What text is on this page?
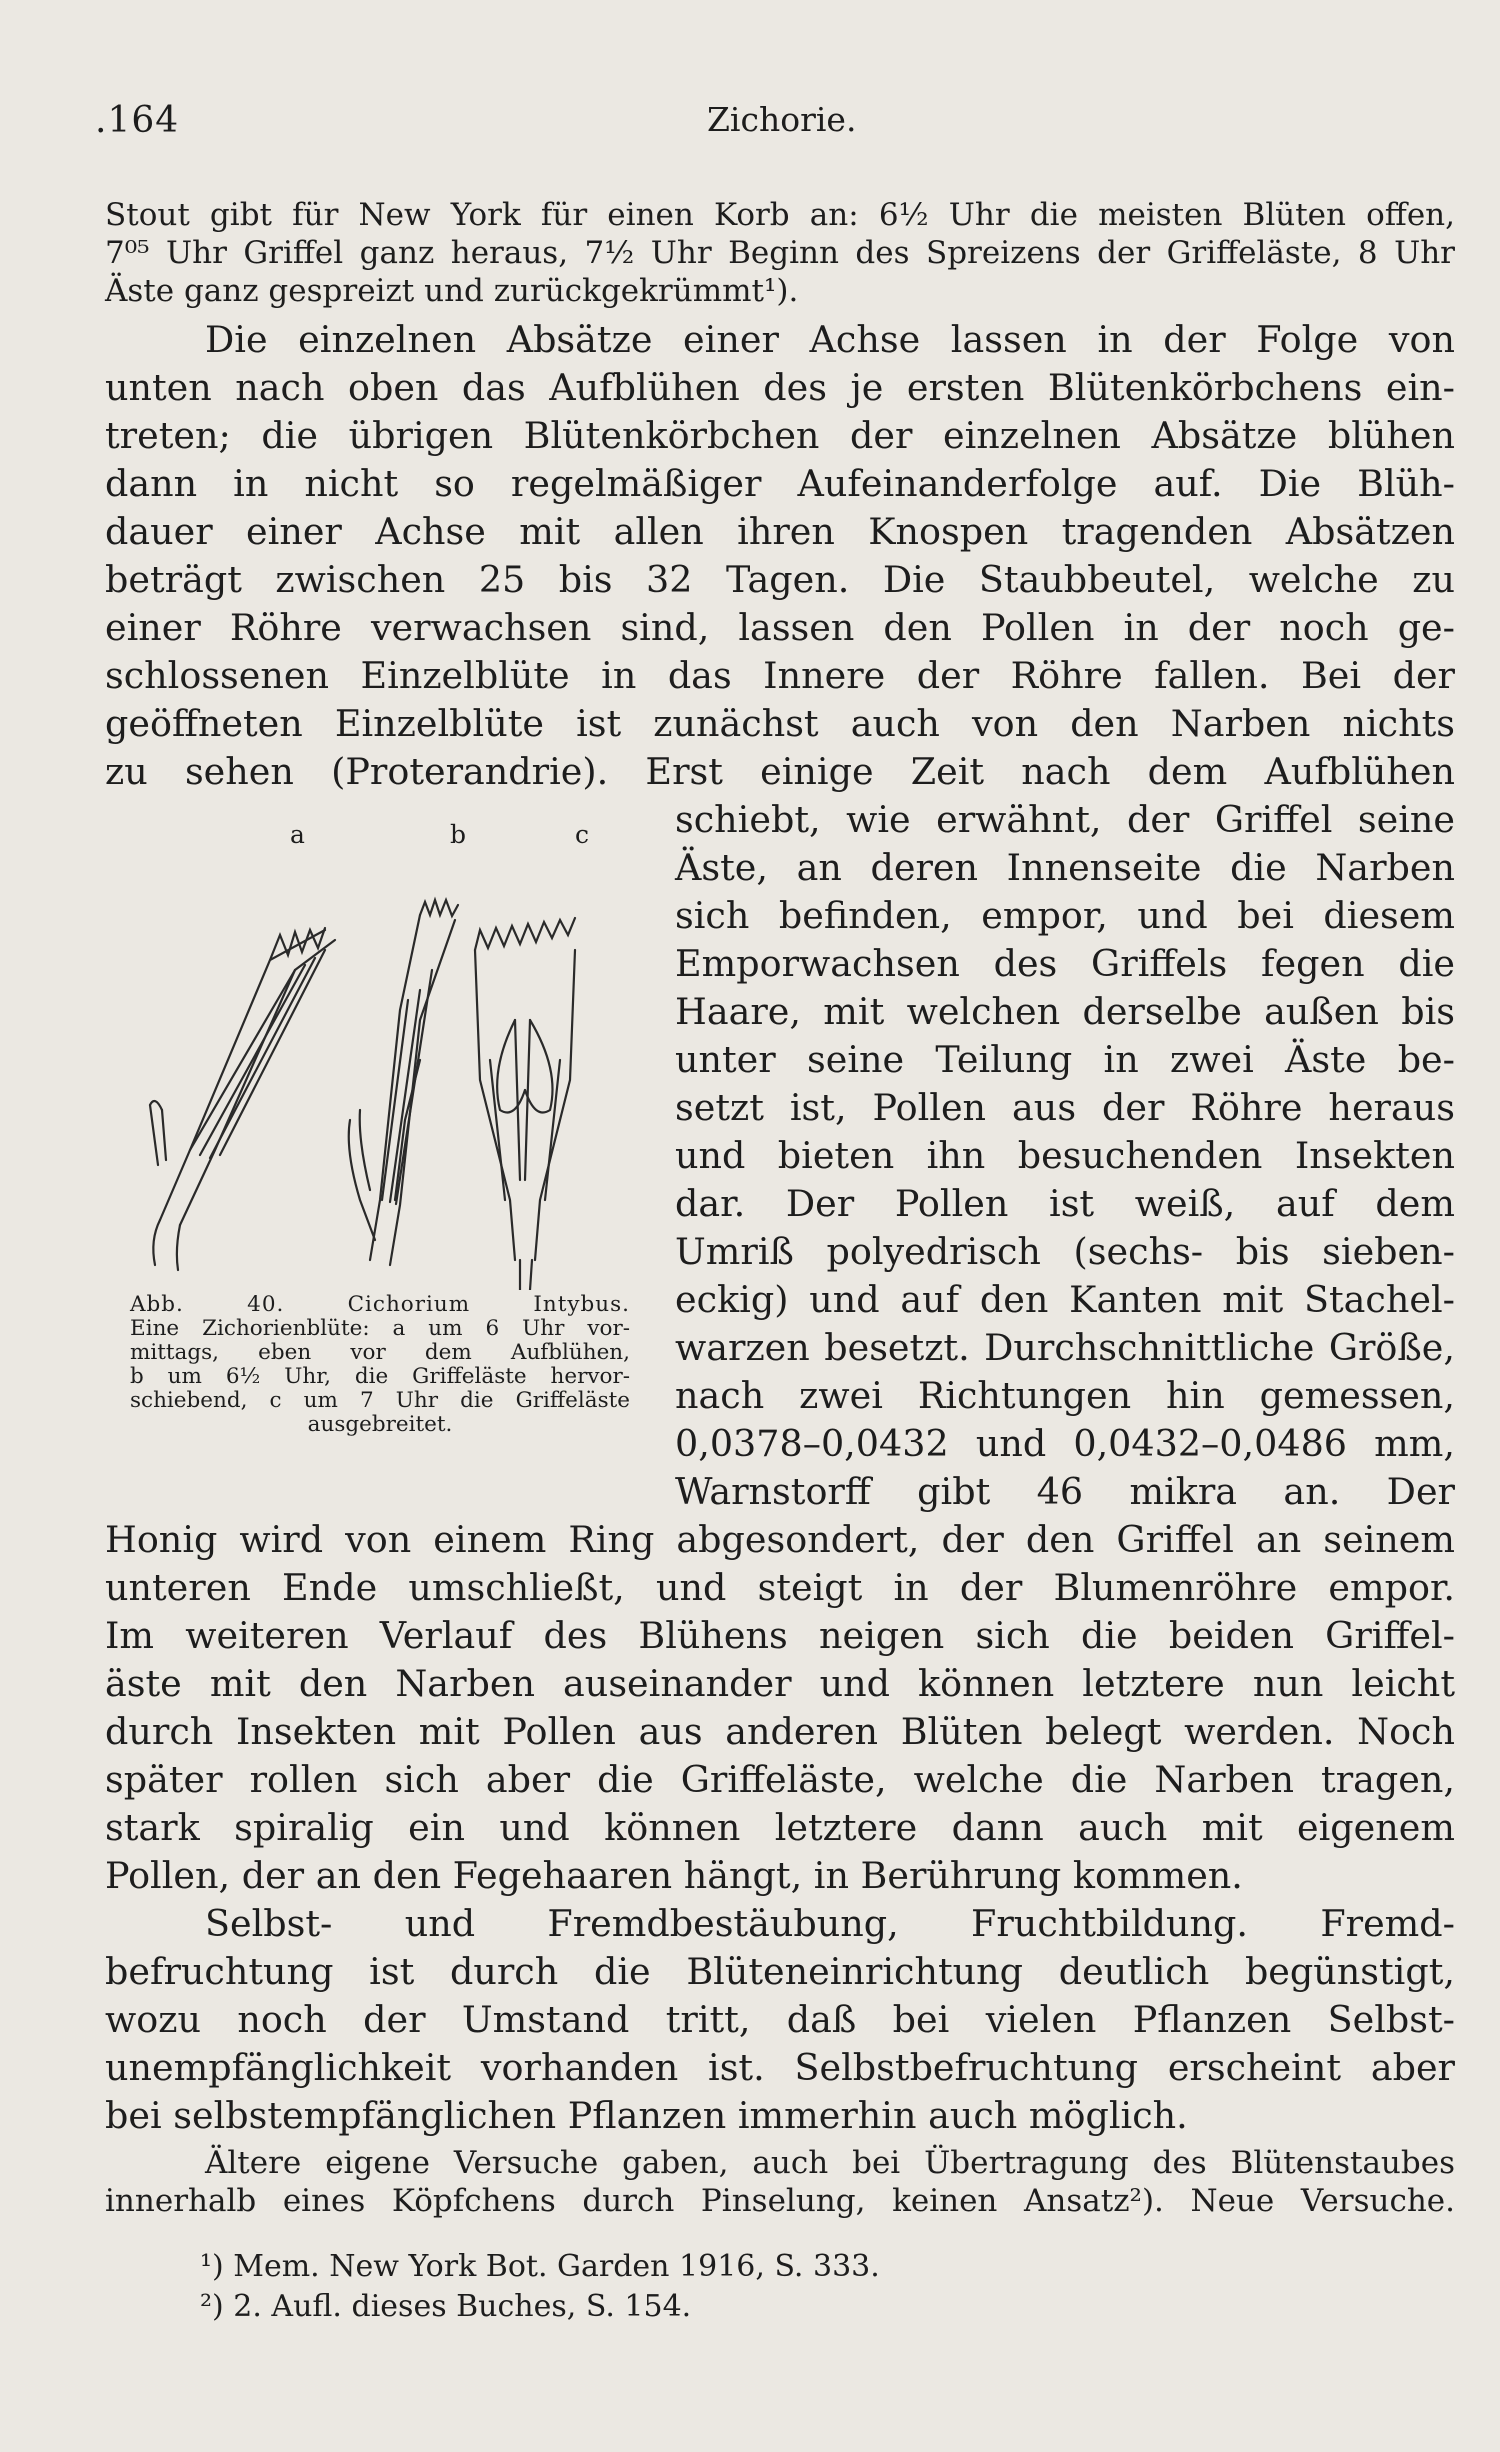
.164	Zichorie.
Stout gibt für New York für einen Korb an: 6½ Uhr die meisten Blüten offen,
7⁰⁵ Uhr Griffel ganz heraus, 7½ Uhr Beginn des Spreizens der Griffeläste, 8 Uhr
Äste ganz gespreizt und zurückgekrümmt¹).
Die einzelnen Absätze einer Achse lassen in der Folge von
unten nach oben das Aufblühen des je ersten Blütenkörbchens ein-
treten; die übrigen Blütenkörbchen der einzelnen Absätze blühen
dann in nicht so regelmäßiger Aufeinanderfolge auf. Die Blüh-
dauer einer Achse mit allen ihren Knospen tragenden Absätzen
beträgt zwischen 25 bis 32 Tagen. Die Staubbeutel, welche zu
einer Röhre verwachsen sind, lassen den Pollen in der noch ge-
schlossenen Einzelblüte in das Innere der Röhre fallen. Bei der
geöffneten Einzelblüte ist zunächst auch von den Narben nichts
zu sehen (Proterandrie). Erst einige Zeit nach dem Aufblühen
schiebt, wie erwähnt, der Griffel seine
Äste, an deren Innenseite die Narben
sich befinden, empor, und bei diesem
Emporwachsen des Griffels fegen die
Haare, mit welchen derselbe außen bis
unter seine Teilung in zwei Äste be-
setzt ist, Pollen aus der Röhre heraus
und bieten ihn besuchenden Insekten
dar. Der Pollen ist weiß, auf dem
Umriß polyedrisch (sechs- bis sieben-
eckig) und auf den Kanten mit Stachel-
warzen besetzt. Durchschnittliche Größe,
nach zwei Richtungen hin gemessen,
0,0378–0,0432 und 0,0432–0,0486 mm,
Warnstorff gibt 46 mikra an. Der
Honig wird von einem Ring abgesondert, der den Griffel an seinem
unteren Ende umschließt, und steigt in der Blumenröhre empor.
Im weiteren Verlauf des Blühens neigen sich die beiden Griffel-
äste mit den Narben auseinander und können letztere nun leicht
durch Insekten mit Pollen aus anderen Blüten belegt werden. Noch
später rollen sich aber die Griffeläste, welche die Narben tragen,
stark spiralig ein und können letztere dann auch mit eigenem
Pollen, der an den Fegehaaren hängt, in Berührung kommen.
Selbst- und Fremdbestäubung, Fruchtbildung. Fremd-
befruchtung ist durch die Blüteneinrichtung deutlich begünstigt,
wozu noch der Umstand tritt, daß bei vielen Pflanzen Selbst-
unempfänglichkeit vorhanden ist. Selbstbefruchtung erscheint aber
bei selbstempfänglichen Pflanzen immerhin auch möglich.
Ältere eigene Versuche gaben, auch bei Übertragung des Blütenstaubes
innerhalb eines Köpfchens durch Pinselung, keinen Ansatz²). Neue Versuche.
a	b	c
Abb. 40. Cichorium Intybus.
Eine Zichorienblüte: a um 6 Uhr vor-
mittags, eben vor dem Aufblühen,
b um 6½ Uhr, die Griffeläste hervor-
schiebend, c um 7 Uhr die Griffeläste
ausgebreitet.
¹) Mem. New York Bot. Garden 1916, S. 333.
²) 2. Aufl. dieses Buches, S. 154.
